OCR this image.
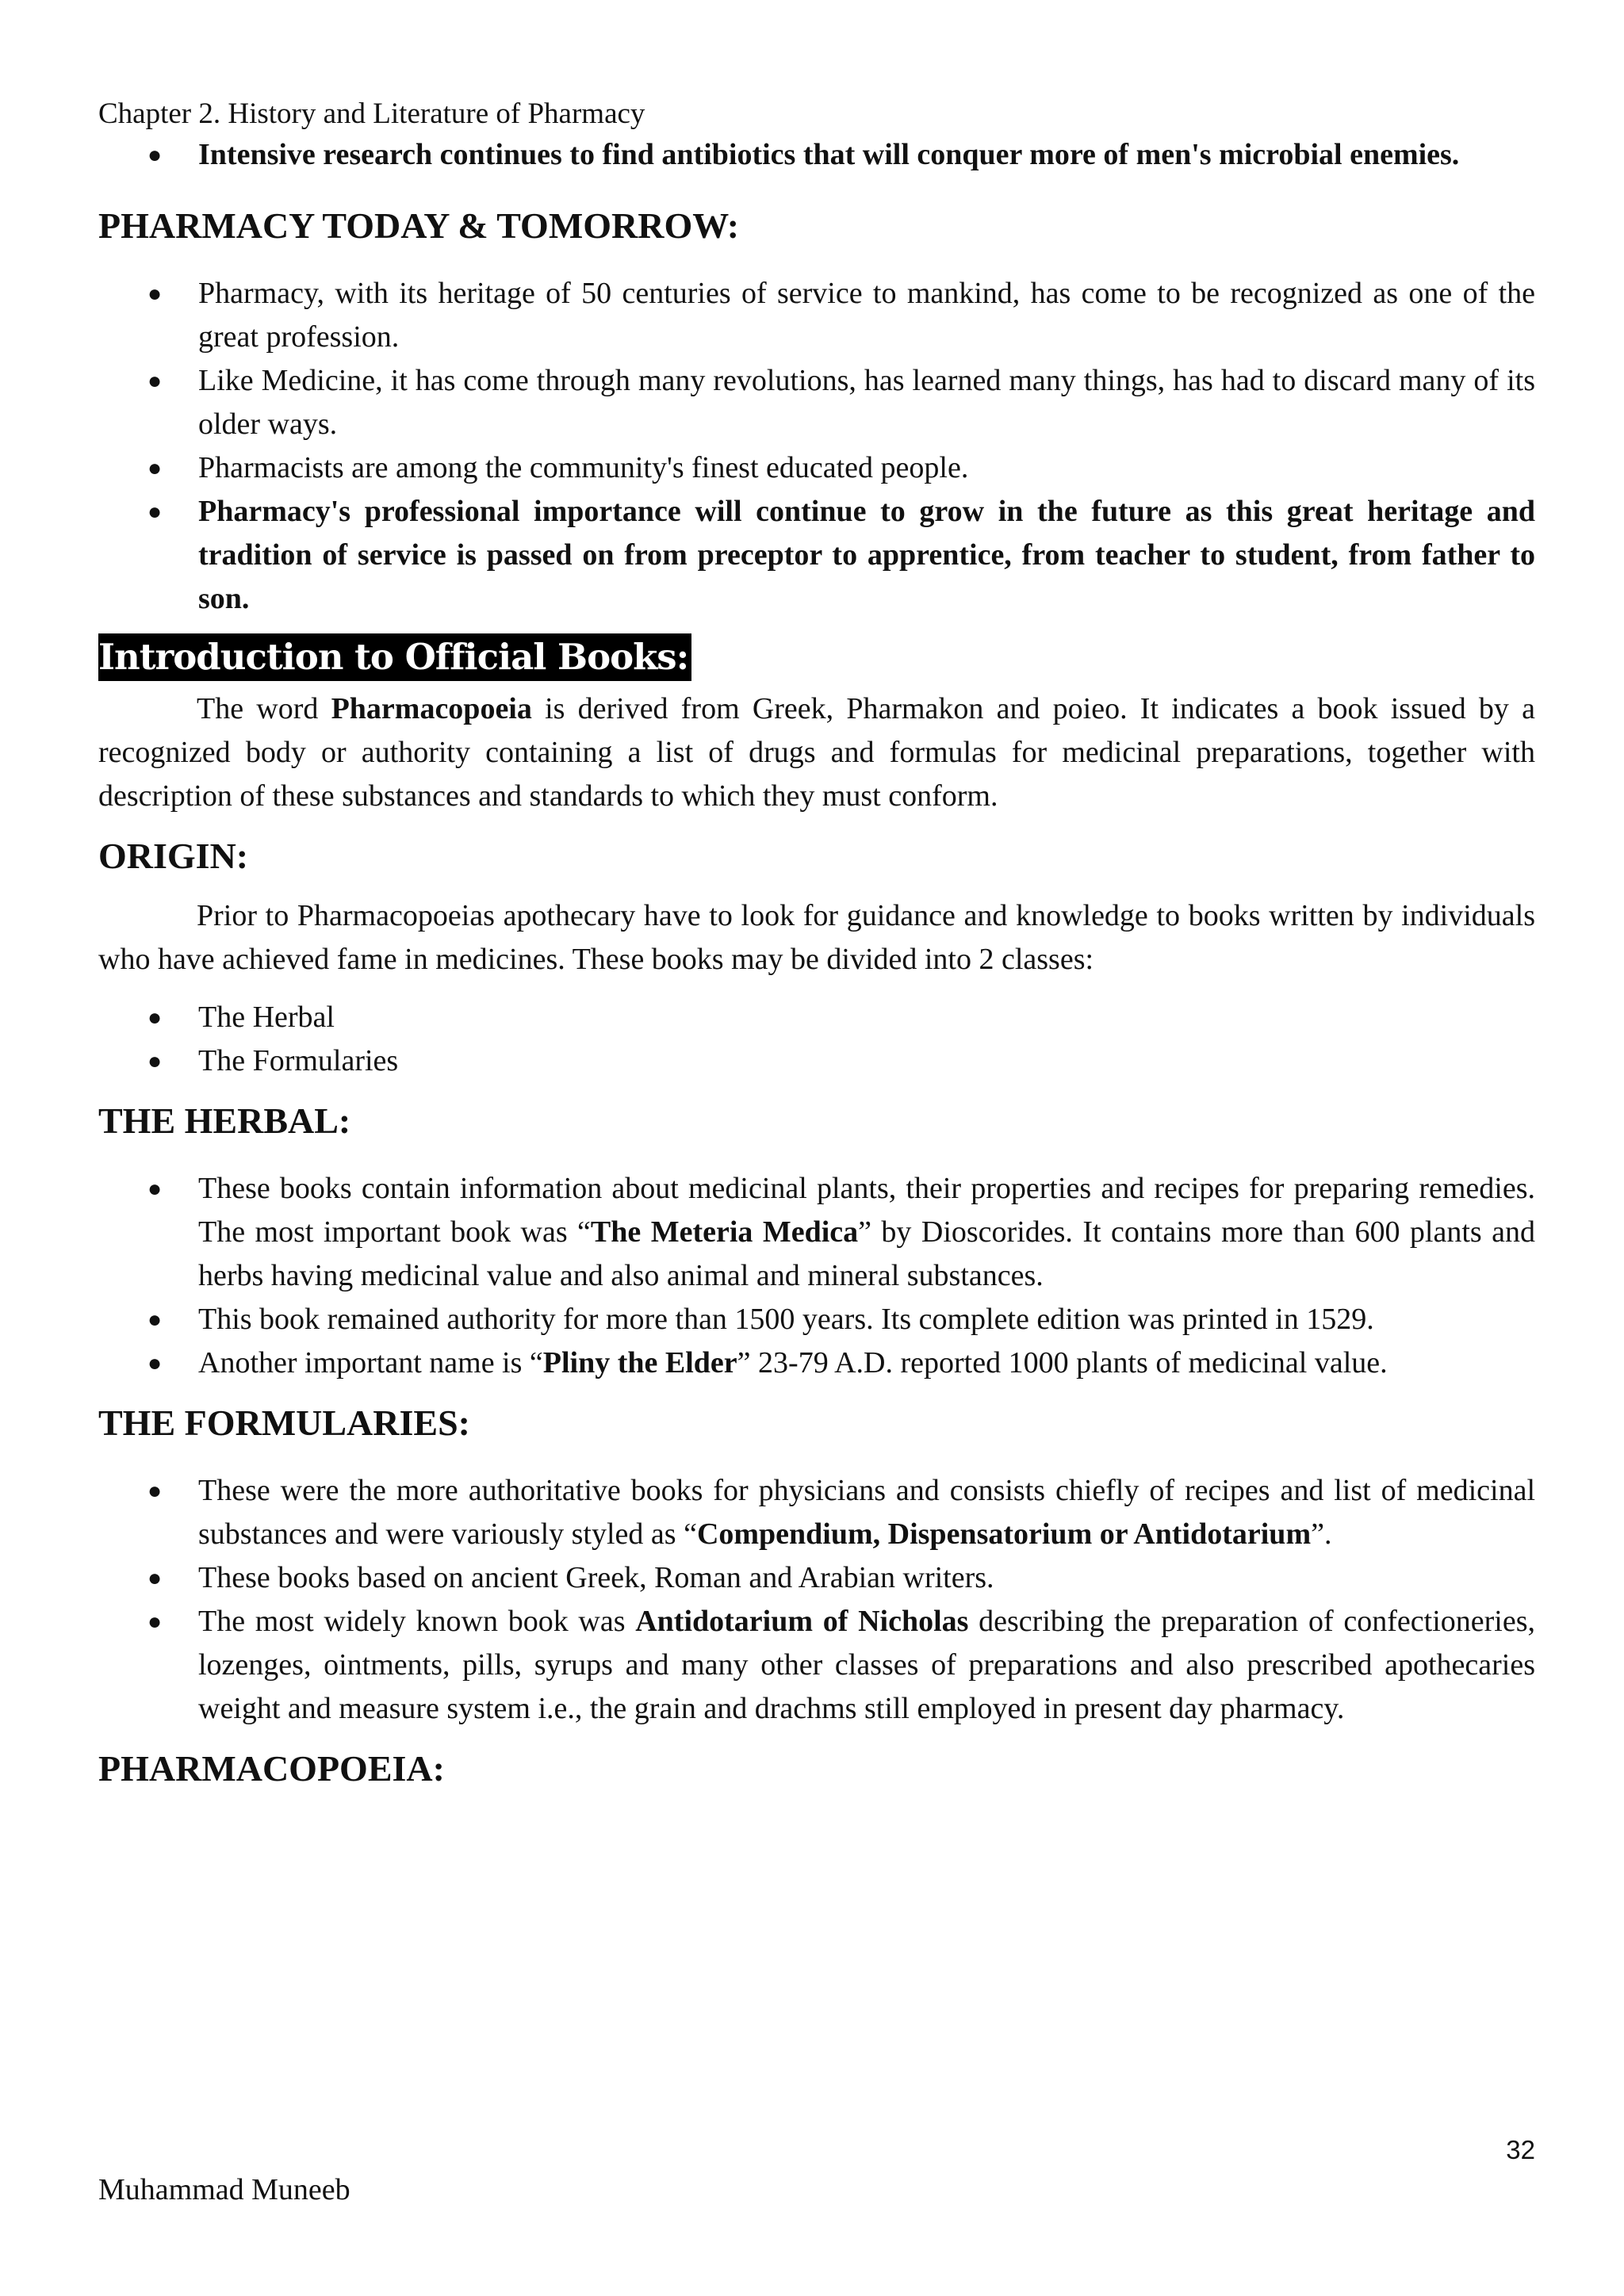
Chapter 2. History and Literature of Pharmacy

● Intensive research continues to find antibiotics that will conquer more of men's microbial enemies.
PHARMACY TODAY & TOMORROW:
● Pharmacy, with its heritage of 50 centuries of service to mankind, has come to be recognized as one of the great profession.
● Like Medicine, it has come through many revolutions, has learned many things, has had to discard many of its older ways.
● Pharmacists are among the community's finest educated people.
● Pharmacy's professional importance will continue to grow in the future as this great heritage and tradition of service is passed on from preceptor to apprentice, from teacher to student, from father to son.
Introduction to Official Books:

The word Pharmacopoeia is derived from Greek, Pharmakon and poieo. It indicates a book issued by a recognized body or authority containing a list of drugs and formulas for medicinal preparations, together with description of these substances and standards to which they must conform.

ORIGIN:

Prior to Pharmacopoeias apothecary have to look for guidance and knowledge to books written by individuals who have achieved fame in medicines. These books may be divided into 2 classes:

● The Herbal
● The Formularies
THE HERBAL:
● These books contain information about medicinal plants, their properties and recipes for preparing remedies. The most important book was “The Meteria Medica” by Dioscorides. It contains more than 600 plants and herbs having medicinal value and also animal and mineral substances.
● This book remained authority for more than 1500 years. Its complete edition was printed in 1529.
● Another important name is “Pliny the Elder” 23-79 A.D. reported 1000 plants of medicinal value.
THE FORMULARIES:
● These were the more authoritative books for physicians and consists chiefly of recipes and list of medicinal substances and were variously styled as “Compendium, Dispensatorium or Antidotarium”.
● These books based on ancient Greek, Roman and Arabian writers.
● The most widely known book was Antidotarium of Nicholas describing the preparation of confectioneries, lozenges, ointments, pills, syrups and many other classes of preparations and also prescribed apothecaries weight and measure system i.e., the grain and drachms still employed in present day pharmacy.
PHARMACOPOEIA:
32
Muhammad Muneeb
